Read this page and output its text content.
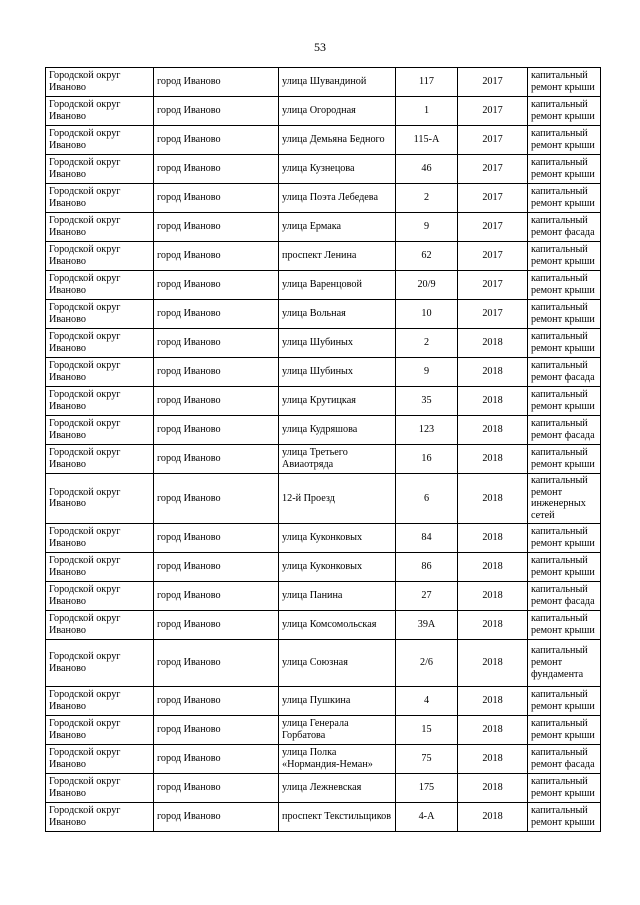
53
Городской округ Иваново	город Иваново	улица Шувандиной	117	2017	капитальный ремонт крыши
Городской округ Иваново	город Иваново	улица Огородная	1	2017	капитальный ремонт крыши
Городской округ Иваново	город Иваново	улица Демьяна Бедного	115-А	2017	капитальный ремонт крыши
Городской округ Иваново	город Иваново	улица Кузнецова	46	2017	капитальный ремонт крыши
Городской округ Иваново	город Иваново	улица Поэта Лебедева	2	2017	капитальный ремонт крыши
Городской округ Иваново	город Иваново	улица Ермака	9	2017	капитальный ремонт фасада
Городской округ Иваново	город Иваново	проспект Ленина	62	2017	капитальный ремонт крыши
Городской округ Иваново	город Иваново	улица Варенцовой	20/9	2017	капитальный ремонт крыши
Городской округ Иваново	город Иваново	улица Вольная	10	2017	капитальный ремонт крыши
Городской округ Иваново	город Иваново	улица Шубиных	2	2018	капитальный ремонт крыши
Городской округ Иваново	город Иваново	улица Шубиных	9	2018	капитальный ремонт фасада
Городской округ Иваново	город Иваново	улица Крутицкая	35	2018	капитальный ремонт крыши
Городской округ Иваново	город Иваново	улица Кудряшова	123	2018	капитальный ремонт фасада
Городской округ Иваново	город Иваново	улица Третьего Авиаотряда	16	2018	капитальный ремонт крыши
Городской округ Иваново	город Иваново	12-й Проезд	6	2018	капитальный ремонт инженерных сетей
Городской округ Иваново	город Иваново	улица Куконковых	84	2018	капитальный ремонт крыши
Городской округ Иваново	город Иваново	улица Куконковых	86	2018	капитальный ремонт крыши
Городской округ Иваново	город Иваново	улица Панина	27	2018	капитальный ремонт фасада
Городской округ Иваново	город Иваново	улица Комсомольская	39А	2018	капитальный ремонт крыши
Городской округ Иваново	город Иваново	улица Союзная	2/6	2018	капитальный ремонт фундамента
Городской округ Иваново	город Иваново	улица Пушкина	4	2018	капитальный ремонт крыши
Городской округ Иваново	город Иваново	улица Генерала Горбатова	15	2018	капитальный ремонт крыши
Городской округ Иваново	город Иваново	улица Полка «Нормандия-Неман»	75	2018	капитальный ремонт фасада
Городской округ Иваново	город Иваново	улица Лежневская	175	2018	капитальный ремонт крыши
Городской округ Иваново	город Иваново	проспект Текстильщиков	4-А	2018	капитальный ремонт крыши
